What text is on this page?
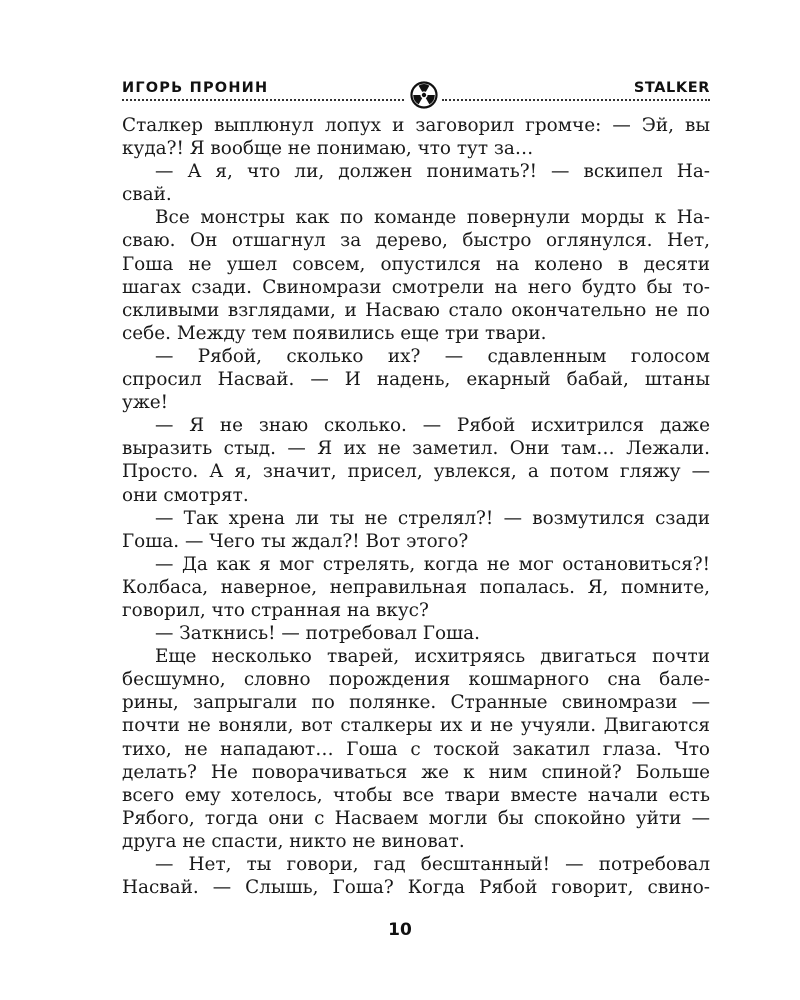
ИГОРЬ ПРОНИН	STALKER
Сталкер выплюнул лопух и заговорил громче: — Эй, вы
куда?! Я вообще не понимаю, что тут за…
— А я, что ли, должен понимать?! — вскипел На-
свай.
Все монстры как по команде повернули морды к На-
сваю. Он отшагнул за дерево, быстро оглянулся. Нет,
Гоша не ушел совсем, опустился на колено в десяти
шагах сзади. Свиномрази смотрели на него будто бы то-
скливыми взглядами, и Насваю стало окончательно не по
себе. Между тем появились еще три твари.
— Рябой, сколько их? — сдавленным голосом
спросил Насвай. — И надень, екарный бабай, штаны
уже!
— Я не знаю сколько. — Рябой исхитрился даже
выразить стыд. — Я их не заметил. Они там… Лежали.
Просто. А я, значит, присел, увлекся, а потом гляжу —
они смотрят.
— Так хрена ли ты не стрелял?! — возмутился сзади
Гоша. — Чего ты ждал?! Вот этого?
— Да как я мог стрелять, когда не мог остановиться?!
Колбаса, наверное, неправильная попалась. Я, помните,
говорил, что странная на вкус?
— Заткнись! — потребовал Гоша.
Еще несколько тварей, исхитряясь двигаться почти
бесшумно, словно порождения кошмарного сна бале-
рины, запрыгали по полянке. Странные свиномрази —
почти не воняли, вот сталкеры их и не учуяли. Двигаются
тихо, не нападают… Гоша с тоской закатил глаза. Что
делать? Не поворачиваться же к ним спиной? Больше
всего ему хотелось, чтобы все твари вместе начали есть
Рябого, тогда они с Насваем могли бы спокойно уйти —
друга не спасти, никто не виноват.
— Нет, ты говори, гад бесштанный! — потребовал
Насвай. — Слышь, Гоша? Когда Рябой говорит, свино-
10
